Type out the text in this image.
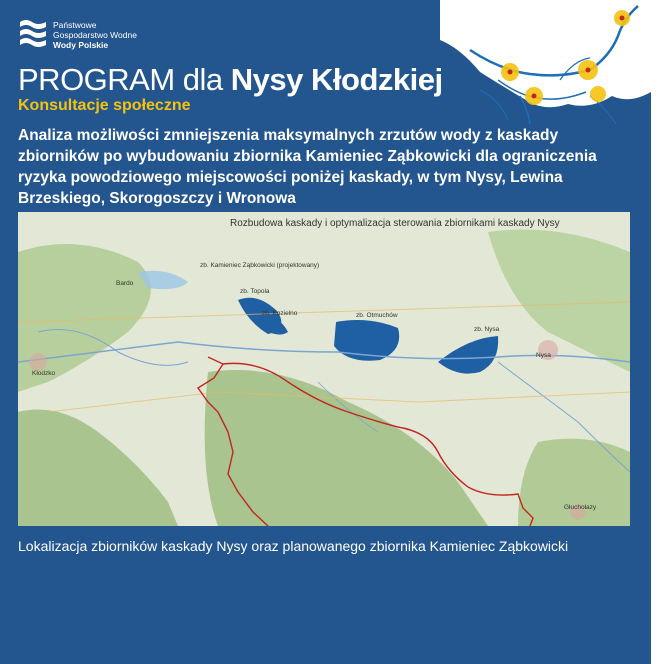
Państwowe
Gospodarstwo Wodne
Wody Polskie
PROGRAM dla Nysy Kłodzkiej
Konsultacje społeczne
Analiza możliwości zmniejszenia maksymalnych zrzutów wody z kaskady zbiorników po wybudowaniu zbiornika Kamieniec Ząbkowicki dla ograniczenia ryzyka powodziowego miejscowości poniżej kaskady, w tym Nysy, Lewina Brzeskiego, Skorogoszczy i Wronowa
Rozbudowa kaskady i optymalizacja sterowania zbiornikami kaskady Nysy
zb. Kamieniec Ząbkowicki (projektowany)
Bardo
zb. Topola
zb. Kozielno	zb. Otmuchów
zb. Nysa
Nysa
Kłodzko
Głuchołazy
Lokalizacja zbiorników kaskady Nysy oraz planowanego zbiornika Kamieniec Ząbkowicki
